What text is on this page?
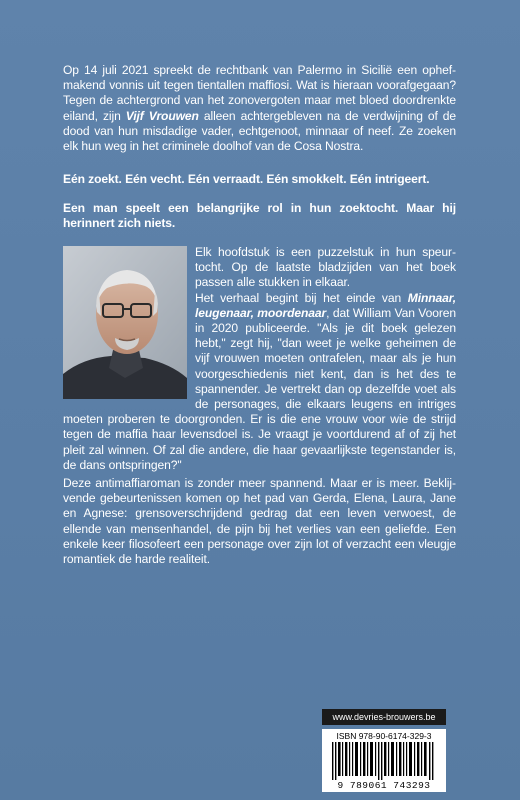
Op 14 juli 2021 spreekt de rechtbank van Palermo in Sicilië een ophefmakend vonnis uit tegen tientallen maffiosi. Wat is hieraan voorafgegaan? Tegen de achtergrond van het zonovergoten maar met bloed doordrenkte eiland, zijn Vijf Vrouwen alleen achtergebleven na de verdwijning of de dood van hun misdadige vader, echtgenoot, minnaar of neef. Ze zoeken elk hun weg in het criminele doolhof van de Cosa Nostra.

Eén zoekt. Eén vecht. Eén verraadt. Eén smokkelt. Eén intrigeert.

Een man speelt een belangrijke rol in hun zoektocht. Maar hij herinnert zich niets.

Elk hoofdstuk is een puzzelstuk in hun speurtocht. Op de laatste bladzijden van het boek passen alle stukken in elkaar.

Het verhaal begint bij het einde van Minnaar, leugenaar, moordenaar, dat William Van Vooren in 2020 publiceerde. "Als je dit boek gelezen hebt," zegt hij, "dan weet je welke geheimen de vijf vrouwen moeten ontrafelen, maar als je hun voorgeschiedenis niet kent, dan is het des te spannender. Je vertrekt dan op dezelfde voet als de personages, die elkaars leugens en intriges moeten proberen te doorgronden. Er is die ene vrouw voor wie de strijd tegen de maffia haar levensdoel is. Je vraagt je voortdurend af of zij het pleit zal winnen. Of zal die andere, die haar gevaarlijkste tegenstander is, de dans ontspringen?"

Deze antimaffiaroman is zonder meer spannend. Maar er is meer. Beklijvende gebeurtenissen komen op het pad van Gerda, Elena, Laura, Jane en Agnese: grensoverschrijdend gedrag dat een leven verwoest, de ellende van mensenhandel, de pijn bij het verlies van een geliefde. Een enkele keer filosofeert een personage over zijn lot of verzacht een vleugje romantiek de harde realiteit.

www.devries-brouwers.be
ISBN 978-90-6174-329-3
9 789061 743293
